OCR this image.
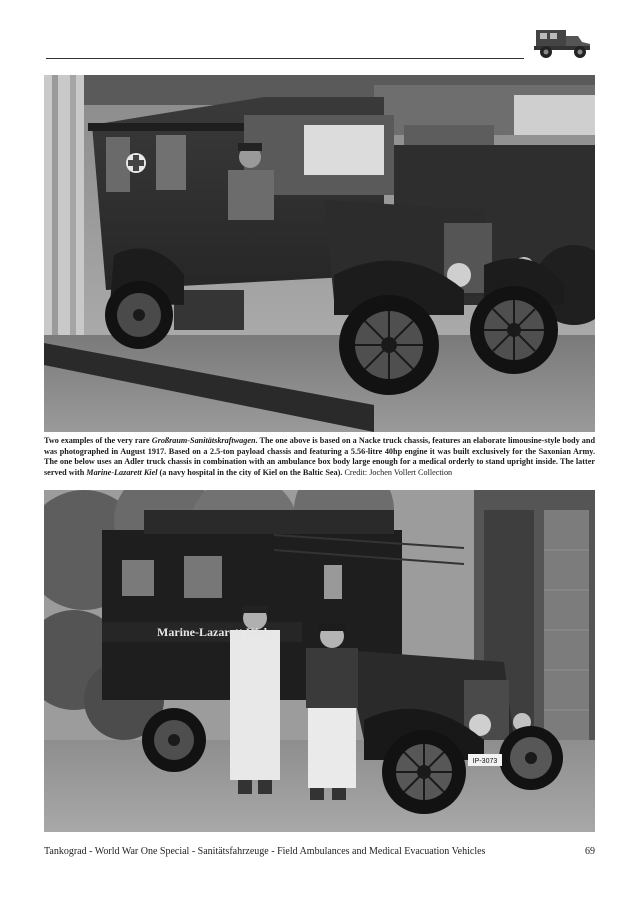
Two examples of the very rare Großraum-Sanitätskraftwagen. The one above is based on a Nacke truck chassis, features an elaborate limousine-style body and was photographed in August 1917. Based on a 2.5-ton payload chassis and featuring a 5.56-litre 40hp engine it was built exclusively for the Saxonian Army. The one below uses an Adler truck chassis in combination with an ambulance box body large enough for a medical orderly to stand upright inside. The latter served with Marine-Lazarett Kiel (a navy hospital in the city of Kiel on the Baltic Sea). Credit: Jochen Vollert Collection
IP-3073
Marine-Lazarett Kiel.
Tankograd - World War One Special - Sanitätsfahrzeuge - Field Ambulances and Medical Evacuation Vehicles	69
